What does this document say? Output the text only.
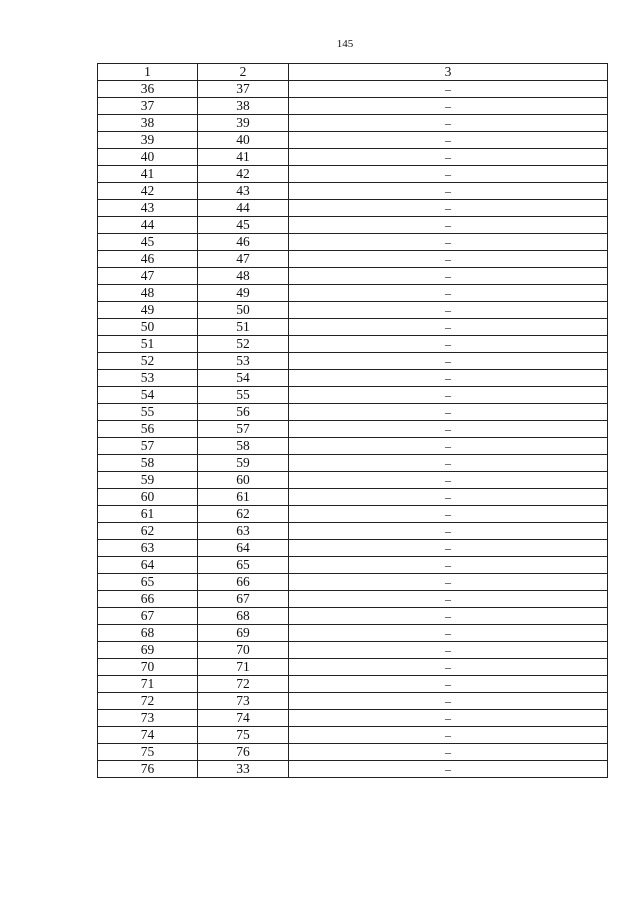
145
1	2	3
36	37	–
37	38	–
38	39	–
39	40	–
40	41	–
41	42	–
42	43	–
43	44	–
44	45	–
45	46	–
46	47	–
47	48	–
48	49	–
49	50	–
50	51	–
51	52	–
52	53	–
53	54	–
54	55	–
55	56	–
56	57	–
57	58	–
58	59	–
59	60	–
60	61	–
61	62	–
62	63	–
63	64	–
64	65	–
65	66	–
66	67	–
67	68	–
68	69	–
69	70	–
70	71	–
71	72	–
72	73	–
73	74	–
74	75	–
75	76	–
76	33	–
